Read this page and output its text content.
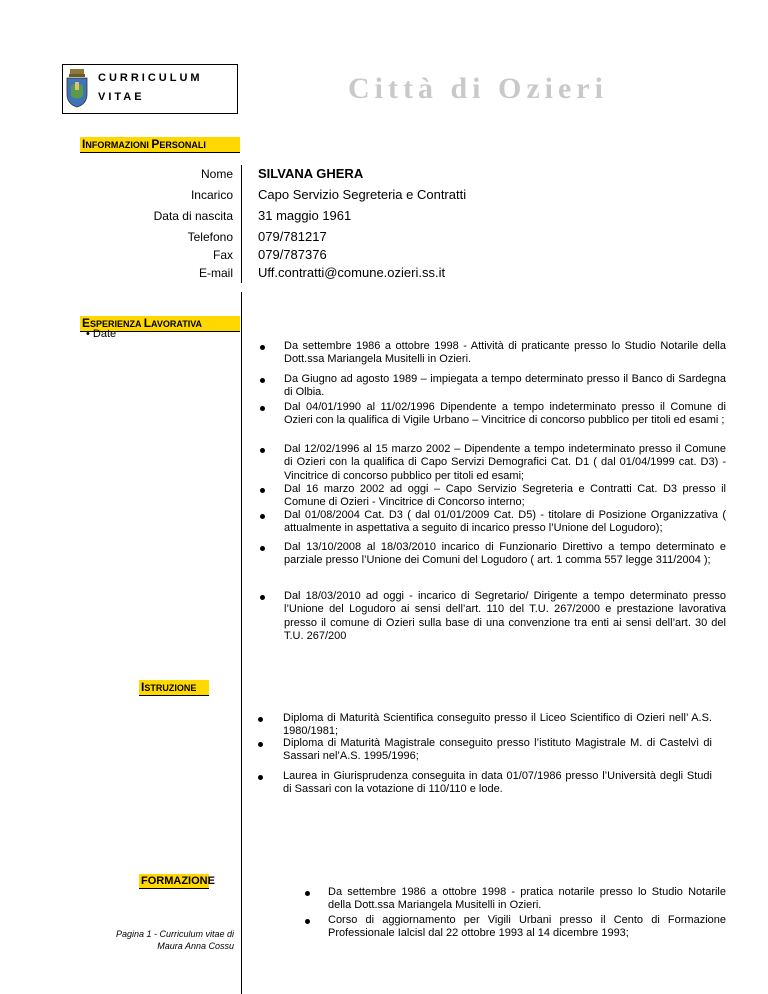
CURRICULUM
VITAE	Città di Ozieri
INFORMAZIONI PERSONALI
Nome SILVANA GHERA
Incarico Capo Servizio Segreteria e Contratti
Data di nascita 31 maggio 1961
Telefono 079/781217
Fax 079/787376
E-mail Uff.contratti@comune.ozieri.ss.it
ESPERIENZA LAVORATIVA
• Date
Da settembre 1986 a ottobre 1998 - Attività di praticante presso lo Studio Notarile della Dott.ssa Mariangela Musitelli in Ozieri.
Da Giugno ad agosto 1989 – impiegata a tempo determinato presso il Banco di Sardegna di Olbia.
Dal 04/01/1990 al 11/02/1996 Dipendente a tempo indeterminato presso il Comune di Ozieri con la qualifica di Vigile Urbano – Vincitrice di concorso pubblico per titoli ed esami ;
Dal 12/02/1996 al 15 marzo 2002 – Dipendente a tempo indeterminato presso il Comune di Ozieri con la qualifica di Capo Servizi Demografici Cat. D1 ( dal 01/04/1999 cat. D3) - Vincitrice di concorso pubblico per titoli ed esami;
Dal 16 marzo 2002 ad oggi – Capo Servizio Segreteria e Contratti Cat. D3 presso il Comune di Ozieri - Vincitrice di Concorso interno;
Dal 01/08/2004 Cat. D3 ( dal 01/01/2009 Cat. D5) - titolare di Posizione Organizzativa ( attualmente in aspettativa a seguito di incarico presso l’Unione del Logudoro);
Dal 13/10/2008 al 18/03/2010 incarico di Funzionario Direttivo a tempo determinato e parziale presso l’Unione dei Comuni del Logudoro ( art. 1 comma 557 legge 311/2004 );
Dal 18/03/2010 ad oggi - incarico di Segretario/ Dirigente a tempo determinato presso l’Unione del Logudoro ai sensi dell’art. 110 del T.U. 267/2000 e prestazione lavorativa presso il comune di Ozieri sulla base di una convenzione tra enti ai sensi dell’art. 30 del T.U. 267/200
ISTRUZIONE
Diploma di Maturità Scientifica conseguito presso il Liceo Scientifico di Ozieri nell’ A.S. 1980/1981;
Diploma di Maturità Magistrale conseguito presso l’istituto Magistrale M. di Castelvì di Sassari nel’A.S. 1995/1996;
Laurea in Giurisprudenza conseguita in data 01/07/1986 presso l’Università degli Studi di Sassari con la votazione di 110/110 e lode.
FORMAZIONE
Da settembre 1986 a ottobre 1998 - pratica notarile presso lo Studio Notarile della Dott.ssa Mariangela Musitelli in Ozieri.
Corso di aggiornamento per Vigili Urbani presso il Cento di Formazione Professionale Ialcisl dal 22 ottobre 1993 al 14 dicembre 1993;
Pagina 1 - Curriculum vitae di
Maura Anna Cossu
